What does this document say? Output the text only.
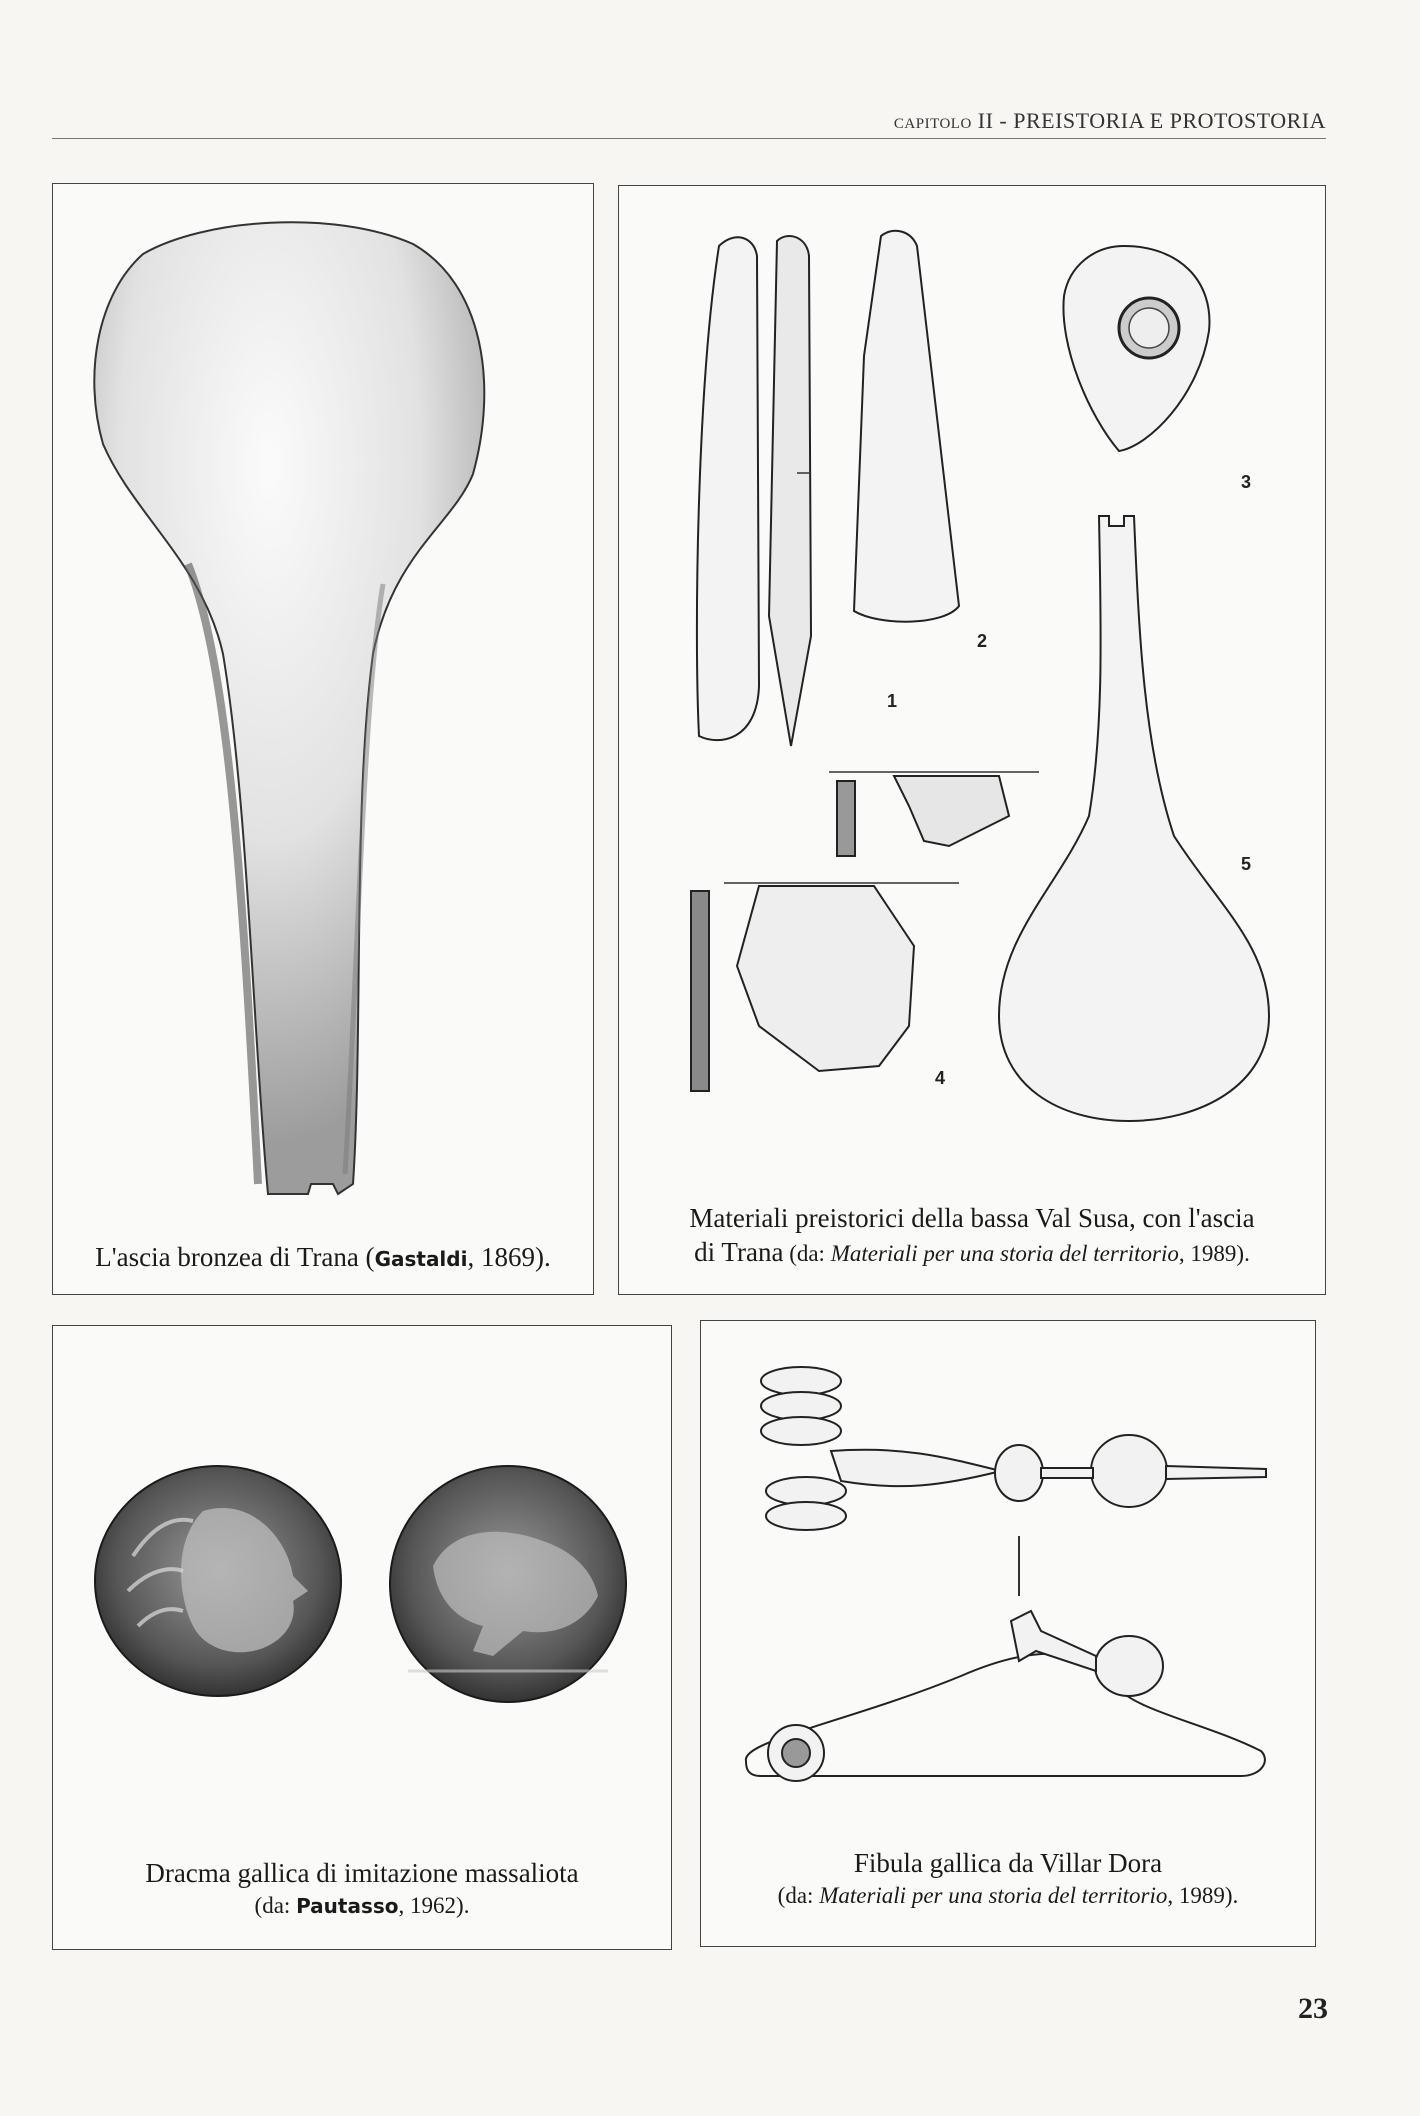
capitolo II - PREISTORIA E PROTOSTORIA
L'ascia bronzea di Trana (Gastaldi, 1869).
1
2
3
4
5
Materiali preistorici della bassa Val Susa, con l'ascia
di Trana (da: Materiali per una storia del territorio, 1989).
Dracma gallica di imitazione massaliota
(da: Pautasso, 1962).
Fibula gallica da Villar Dora
(da: Materiali per una storia del territorio, 1989).
23
